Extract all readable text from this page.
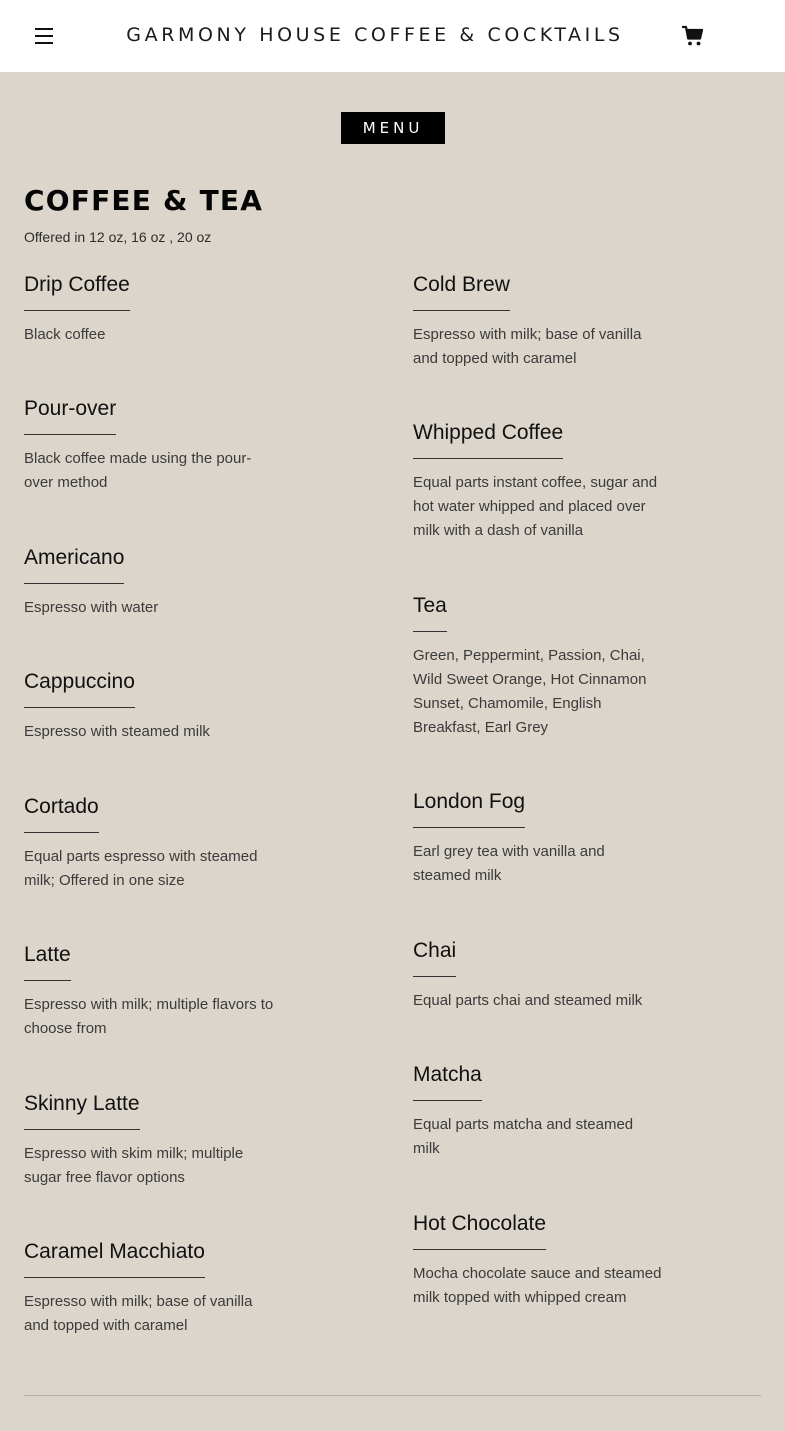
GARMONY HOUSE COFFEE & COCKTAILS
MENU
COFFEE & TEA
Offered in 12 oz, 16 oz , 20 oz
Drip Coffee
Black coffee
Pour-over
Black coffee made using the pour-over method
Americano
Espresso with water
Cappuccino
Espresso with steamed milk
Cortado
Equal parts espresso with steamed milk; Offered in one size
Latte
Espresso with milk; multiple flavors to choose from
Skinny Latte
Espresso with skim milk; multiple sugar free flavor options
Caramel Macchiato
Espresso with milk; base of vanilla and topped with caramel
Cold Brew
Espresso with milk; base of vanilla and topped with caramel
Whipped Coffee
Equal parts instant coffee, sugar and hot water whipped and placed over milk with a dash of vanilla
Tea
Green, Peppermint, Passion, Chai, Wild Sweet Orange, Hot Cinnamon Sunset, Chamomile, English Breakfast, Earl Grey
London Fog
Earl grey tea with vanilla and steamed milk
Chai
Equal parts chai and steamed milk
Matcha
Equal parts matcha and steamed milk
Hot Chocolate
Mocha chocolate sauce and steamed milk topped with whipped cream
